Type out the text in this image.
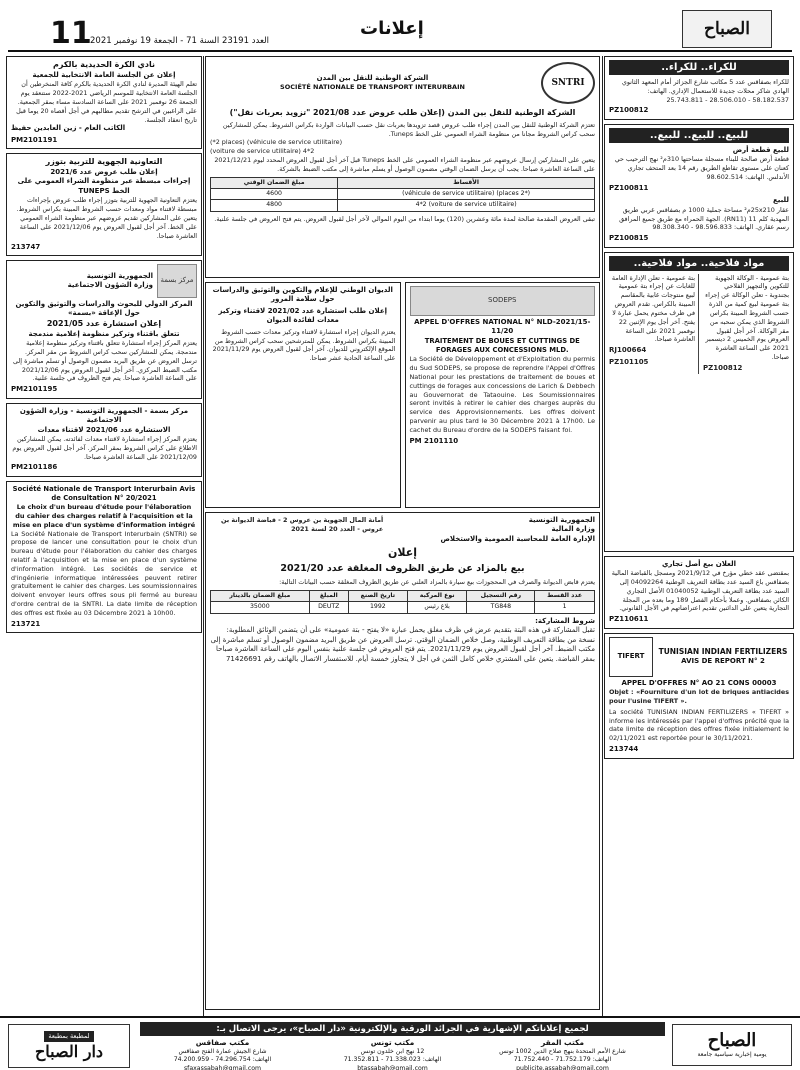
11
العدد 23191 السنة 71 - الجمعة 19 نوفمبر 2021
إعلانات	الصباح
للكراء.. للكراء..
للكراء بصفاقس عدد 5 مكاتب شارع الجزائر أمام المعهد الثانوي الهادي شاكر محلات جديدة للاستعمال الإداري. الهاتف: 58.182.537 - 28.506.010 - 25.743.811
PZ100812
للبيع.. للبيع.. للبيع..
للبيع قطعة أرض
قطعة أرض صالحة للبناء مسجلة مساحتها 310م² نهج الترحيب حي كعنان على مستوى تقاطع الطريق رقم 14 بعد المتحف تجاري الأندلس. الهاتف: 98.602.514
PZ100811
للبيع
عقار 25x210م² مساحة جملية 1000 م بصفاقس غربي طريق المهدية كلم 11 (RN11). الجهة الحمراء مع طريق جميع المرافق رسم عقاري. الهاتف: 98.596.833 - 98.308.340
PZ100815
مواد فلاحية.. مواد فلاحية..
بتة عمومية - الوكالة الجهوية للتكوين والتجهيز الفلاحي بجندوبة - تعلن الوكالة عن إجراء بتة عمومية لبيع كمية من الذرة حسب الشروط المبينة بكراس الشروط الذي يمكن سحبه من مقر الوكالة. آخر أجل لقبول العروض يوم الخميس 2 ديسمبر 2021 على الساعة العاشرة صباحا.
PZ100812
بتة عمومية - تعلن الإدارة العامة للغابات عن إجراء بتة عمومية لبيع منتوجات غابية بالمقاسم المبينة بالكراس. تقدم العروض في ظرف مختوم يحمل عبارة لا يفتح. آخر أجل يوم الإثنين 22 نوفمبر 2021 على الساعة العاشرة صباحا.
RJ100664
PZ101105
العلان بيع أصل تجاري
بمقتضى عقد خطي مؤرخ في 2021/9/12 ومسجل بالقباضة المالية بصفاقس باع السيد عدد بطاقة التعريف الوطنية 04092264 إلى السيد عدد بطاقة التعريف الوطنية 01040052 الأصل التجاري الكائن بصفاقس. وعملا بأحكام الفصل 189 وما بعده من المجلة التجارية يتعين على الدائنين تقديم اعتراضاتهم في الأجل القانوني.
PZ110611
TIFERT
TUNISIAN INDIAN FERTILIZERS
AVIS DE REPORT N° 2
APPEL D'OFFRES N° AO 21 CONS 00003
Objet : «Fourniture d'un lot de briques antiacides pour l'usine TIFERT ».
La société TUNISIAN INDIAN FERTILIZERS « TIFERT » informe les intéressés par l'appel d'offres précité que la date limite de réception des offres fixée initialement le 02/11/2021 est reportée pour le 30/11/2021.
213744
SNTRI
الشركة الوطنية للنقل بين المدن
SOCIÉTÉ NATIONALE DE TRANSPORT INTERURBAIN
الشركة الوطنية للنقل بين المدن (إعلان طلب عروض عدد 2021/08 "تزويد بعربات نقل")
تعتزم الشركة الوطنية للنقل بين المدن إجراء طلب عروض قصد تزويدها بعربات نقل حسب البيانات الواردة بكراس الشروط. يمكن للمشاركين سحب كراس الشروط مجانا من منظومة الشراء العمومي على الخط Tuneps.
(*2 places) (véhicule de service utilitaire)
(voiture de service utilitaire) 4*2
يتعين على المشاركين إرسال عروضهم عبر منظومة الشراء العمومي على الخط Tuneps قبل آخر أجل لقبول العروض المحدد ليوم 2021/12/21 على الساعة العاشرة صباحا. يجب أن يرسل الضمان الوقتي مضمون الوصول أو يسلم مباشرة إلى مكتب الضبط بالشركة.
الأقساط	مبلغ الضمان الوقتي
(*2 places) (véhicule de service utilitaire)	4600
(voiture de service utilitaire) 4*2	4800
تبقى العروض المقدمة صالحة لمدة مائة وعشرين (120) يوما ابتداء من اليوم الموالي لآخر أجل لقبول العروض. يتم فتح العروض في جلسة علنية.
SODEPS
APPEL D'OFFRES NATIONAL N° NLD-2021/15-11/20
TRAITEMENT DE BOUES ET CUTTINGS DE FORAGES AUX CONCESSIONS MLD.
La Société de Développement et d'Exploitation du permis du Sud SODEPS, se propose de reprendre l'Appel d'Offres National pour les prestations de traitement de boues et cuttings de forages aux concessions de Larich & Debbech au Gouvernorat de Tataouine. Les Soumissionnaires seront invités à retirer le cahier des charges auprès du service des Approvisionnements. Les offres doivent parvenir au plus tard le 30 Décembre 2021 à 17h00. Le cachet du Bureau d'ordre de la SODEPS faisant foi.
PM 2101110
الديوان الوطني للإعلام والتكوين والتوثيق والدراسات حول سلامة المرور
إعلان طلب استشارة عدد 2021/02 لاقتناء وتركيز معدات لفائدة الديوان
يعتزم الديوان إجراء استشارة لاقتناء وتركيز معدات حسب الشروط المبينة بكراس الشروط. يمكن للمترشحين سحب كراس الشروط من الموقع الإلكتروني للديوان. آخر أجل لقبول العروض يوم 2021/11/29 على الساعة الحادية عشر صباحا.
الجمهورية التونسية
وزارة المالية
الإدارة العامة للمحاسبة العمومية والاستخلاص
أمانة المال الجهوية بن عروس 2 - قباضة الديوانة بن عروس - العدد 20 لسنة 2021
إعلان
بيع بالمزاد عن طريق الظروف المغلقة عدد 2021/20
يعتزم قابض الديوانة والصرف في المحجوزات بيع سيارة بالمزاد العلني عن طريق الظروف المغلقة حسب البيانات التالية:
عدد القسط	رقم التسجيل	نوع المركبة	تاريخ الصنع	المبلغ	مبلغ الضمان بالدينار
1	TG848	بلاغ رئيس	1992	DEUTZ	35000
شروط المشاركة:
تقبل المشاركة في هذه البتة بتقديم عرض في ظرف مغلق يحمل عبارة «لا يفتح - بتة عمومية» على أن يتضمن الوثائق المطلوبة: نسخة من بطاقة التعريف الوطنية، وصل خلاص الضمان الوقتي. ترسل العروض عن طريق البريد مضمون الوصول أو تسلم مباشرة إلى مكتب الضبط. آخر أجل لقبول العروض يوم 2021/11/29. يتم فتح العروض في جلسة علنية بنفس اليوم على الساعة العاشرة صباحا بمقر القباضة. يتعين على المشتري خلاص كامل الثمن في أجل لا يتجاوز خمسة أيام. للاستفسار الاتصال بالهاتف رقم 71426691
نادي الكرة الحديدية بالكرم
إعلان عن الجلسة العامة الانتخابية للجمعية
تعلم الهيئة المديرة لنادي الكرة الحديدية بالكرم كافة المنخرطين أن الجلسة العامة الانتخابية للموسم الرياضي 2021-2022 ستنعقد يوم الجمعة 26 نوفمبر 2021 على الساعة السادسة مساء بمقر الجمعية. على الراغبين في الترشح تقديم مطالبهم في أجل أقصاه 20 يوما قبل تاريخ انعقاد الجلسة.
الكاتب العام - زين العابدين حفيظ
PM2101191
التعاونية الجهوية للتربية بتوزر
إعلان طلب عروض عدد 2021/6
إجراءات مبسطة عبر منظومة الشراء العمومي على الخط TUNEPS
يعتزم التعاونية الجهوية للتربية بتوزر إجراء طلب عروض بإجراءات مبسطة لاقتناء مواد ومعدات حسب الشروط المبينة بكراس الشروط. يتعين على المشاركين تقديم عروضهم عبر منظومة الشراء العمومي على الخط. آخر أجل لقبول العروض يوم 2021/12/06 على الساعة العاشرة صباحا.
213747
مركز بسمة
الجمهورية التونسية
وزارة الشؤون الاجتماعية
المركز الدولي للبحوث والدراسات والتوثيق والتكوين حول الإعاقة «بسمة»
إعلان استشارة عدد 2021/05
تتعلق باقتناء وتركيز منظومة إعلامية مندمجة
يعتزم المركز إجراء استشارة تتعلق باقتناء وتركيز منظومة إعلامية مندمجة. يمكن للمشاركين سحب كراس الشروط من مقر المركز. ترسل العروض عن طريق البريد مضمون الوصول أو تسلم مباشرة إلى مكتب الضبط المركزي. آخر أجل لقبول العروض يوم 2021/12/06 على الساعة العاشرة صباحا. يتم فتح الظروف في جلسة علنية.
PM2101195
مركز بسمة - الجمهورية التونسية - وزارة الشؤون الاجتماعية
الاستشارة عدد 2021/06 لاقتناء معدات
يعتزم المركز إجراء استشارة لاقتناء معدات لفائدته. يمكن للمشاركين الاطلاع على كراس الشروط بمقر المركز. آخر أجل لقبول العروض يوم 2021/12/09 على الساعة العاشرة صباحا.
PM2101186
Société Nationale de Transport Interurbain Avis de Consultation N° 20/2021
Le choix d'un bureau d'étude pour l'élaboration du cahier des charges relatif à l'acquisition et la mise en place d'un système d'information intégré
La Société Nationale de Transport Interurbain (SNTRI) se propose de lancer une consultation pour le choix d'un bureau d'étude pour l'élaboration du cahier des charges relatif à l'acquisition et la mise en place d'un système d'information intégré. Les sociétés de service et d'ingénierie informatique intéressées peuvent retirer gratuitement le cahier des charges. Les soumissionnaires doivent envoyer leurs offres sous pli fermé au bureau d'ordre central de la SNTRI. La date limite de réception des offres est fixée au 03 Décembre 2021 à 10h00.
213721
لمطبعة بمطبعة
دار الصباح
لجميع إعلاناتكم الإشهارية في الجرائد الورقية والإلكترونية «دار الصباح»، يرجى الاتصال بـ:
مكتب صفاقس
شارع الجيش عمارة الفتح صفاقس
الهاتف: 74.296.754 - 74.200.959
sfaxassabah@gmail.com
مكتب تونس
12 نهج ابن خلدون تونس
الهاتف: 71.338.023 - 71.352.811
btassabah@gmail.com
مكتب المقر
شارع الأمم المتحدة بنهج صلاح الدين 1002 تونس
الهاتف: 71.752.179 - 71.752.440
publicite.assabah@gmail.com
الصباح
يومية إخبارية سياسية جامعة
